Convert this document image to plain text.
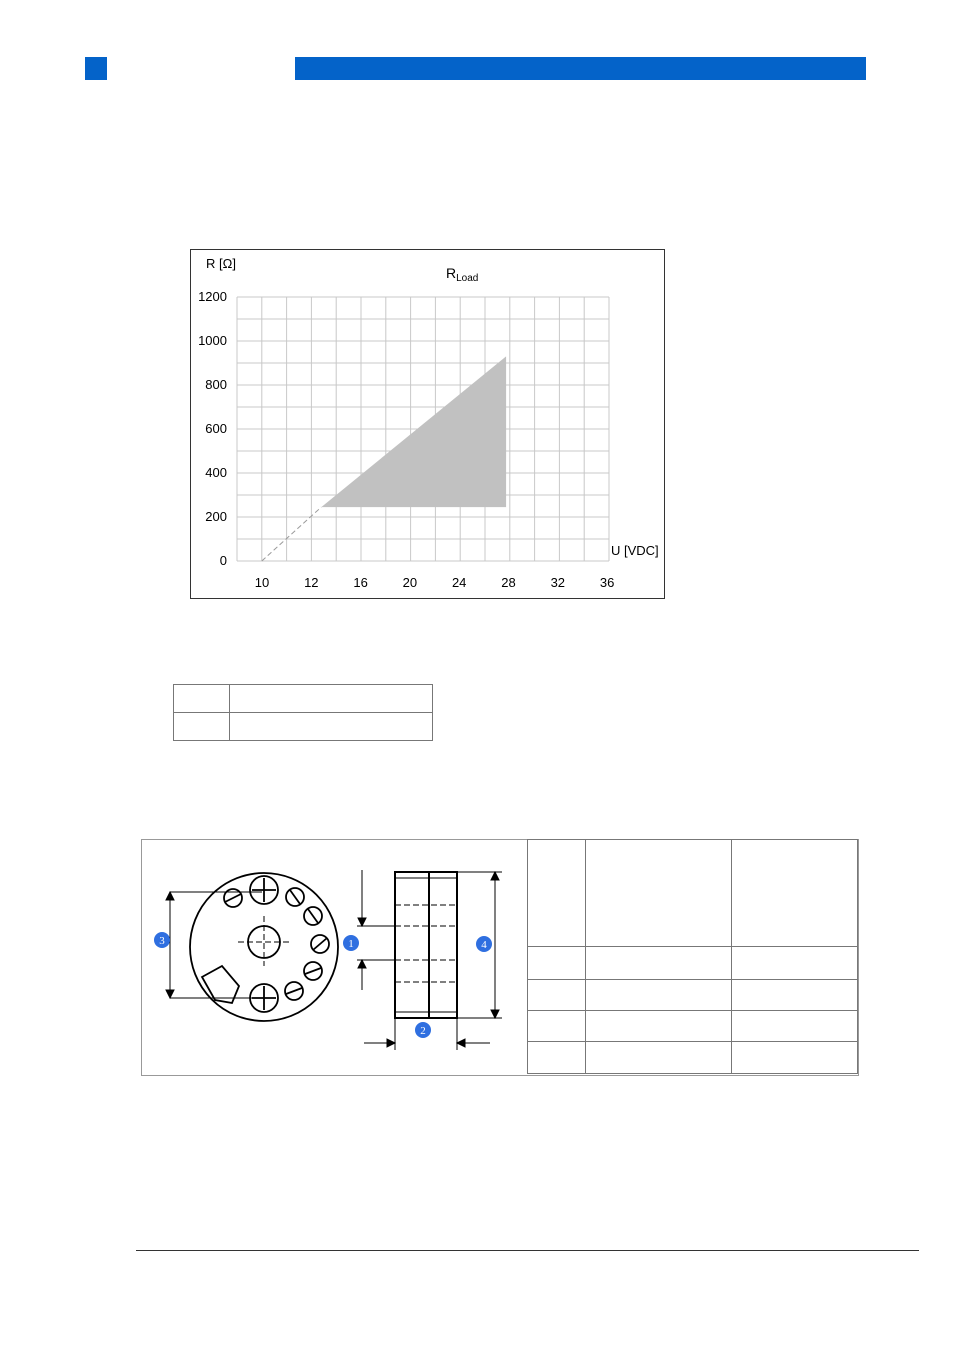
0
200
400
600
800
1000
1200
10	12	16	20	24	28	32	36
R [Ω]
$R_{Load}$
U [VDC]

3	1	4
2
